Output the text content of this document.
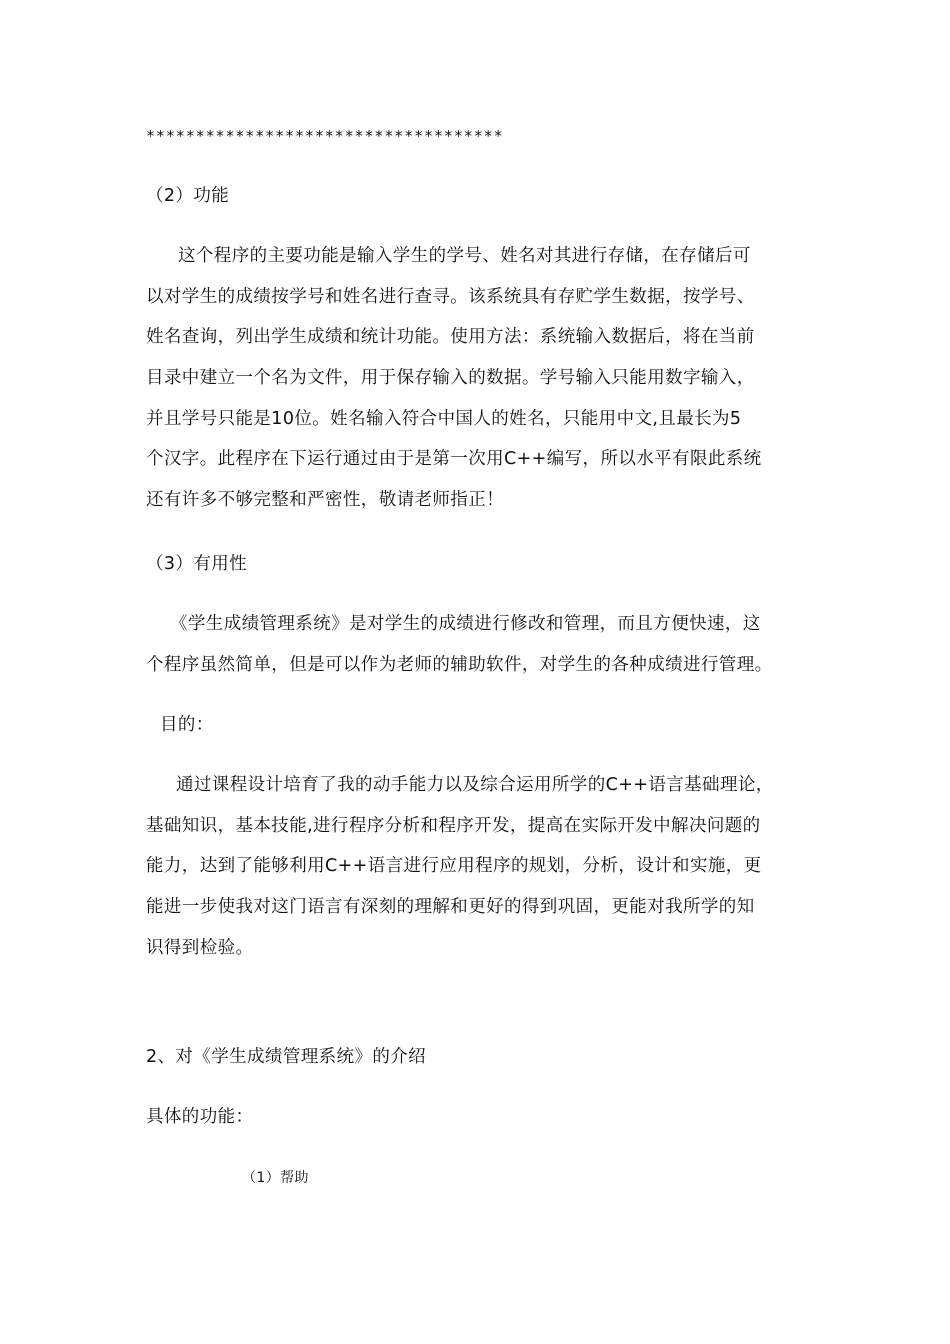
************************************
（2）功能
这个程序的主要功能是输入学生的学号、姓名对其进行存储，在存储后可
以对学生的成绩按学号和姓名进行查寻。该系统具有存贮学生数据，按学号、
姓名查询，列出学生成绩和统计功能。使用方法：系统输入数据后，将在当前
目录中建立一个名为文件，用于保存输入的数据。学号输入只能用数字输入，
并且学号只能是10位。姓名输入符合中国人的姓名，只能用中文,且最长为5
个汉字。此程序在下运行通过由于是第一次用C++编写，所以水平有限此系统
还有许多不够完整和严密性，敬请老师指正！
（3）有用性
《学生成绩管理系统》是对学生的成绩进行修改和管理，而且方便快速，这
个程序虽然简单，但是可以作为老师的辅助软件，对学生的各种成绩进行管理。
目的：
通过课程设计培育了我的动手能力以及综合运用所学的C++语言基础理论，
基础知识，基本技能,进行程序分析和程序开发，提高在实际开发中解决问题的
能力，达到了能够利用C++语言进行应用程序的规划，分析，设计和实施，更
能进一步使我对这门语言有深刻的理解和更好的得到巩固，更能对我所学的知
识得到检验。
2、对《学生成绩管理系统》的介绍
具体的功能：
（1）帮助
